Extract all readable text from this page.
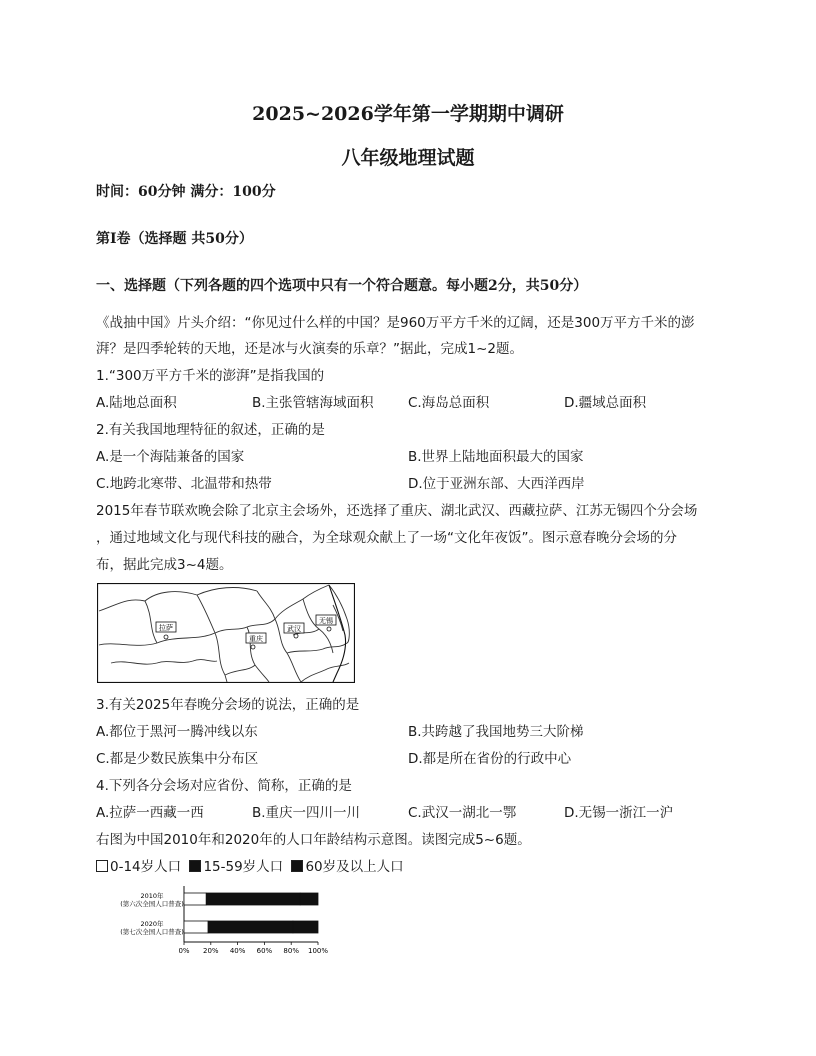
2025~2026学年第一学期期中调研
八年级地理试题
时间：60分钟 满分：100分
第Ⅰ卷（选择题 共50分）
一、选择题（下列各题的四个选项中只有一个符合题意。每小题2分，共50分）
《战抽中国》片头介绍：“你见过什么样的中国？是960万平方千米的辽阔，还是300万平方千米的澎
湃？是四季轮转的天地，还是冰与火演奏的乐章？”据此，完成1~2题。
1.“300万平方千米的澎湃”是指我国的
A.陆地总面积	B.主张管辖海域面积	C.海岛总面积	D.疆域总面积
2.有关我国地理特征的叙述，正确的是
A.是一个海陆兼备的国家	B.世界上陆地面积最大的国家
C.地跨北寒带、北温带和热带	D.位于亚洲东部、大西洋西岸
2015年春节联欢晚会除了北京主会场外，还选择了重庆、湖北武汉、西藏拉萨、江苏无锡四个分会场
，通过地域文化与现代科技的融合，为全球观众献上了一场“文化年夜饭”。图示意春晚分会场的分
布，据此完成3~4题。
拉萨
重庆
武汉
无锡
3.有关2025年春晚分会场的说法，正确的是
A.都位于黑河一腾冲线以东	B.共跨越了我国地势三大阶梯
C.都是少数民族集中分布区	D.都是所在省份的行政中心
4.下列各分会场对应省份、简称，正确的是
A.拉萨一西藏一西	B.重庆一四川一川	C.武汉一湖北一鄂	D.无锡一浙江一沪
右图为中国2010年和2020年的人口年龄结构示意图。读图完成5~6题。
0-14岁人口 15-59岁人口 60岁及以上人口
2010年
(第六次全国人口普查)
2020年
(第七次全国人口普查)
0% 20% 40% 60% 80% 100%
